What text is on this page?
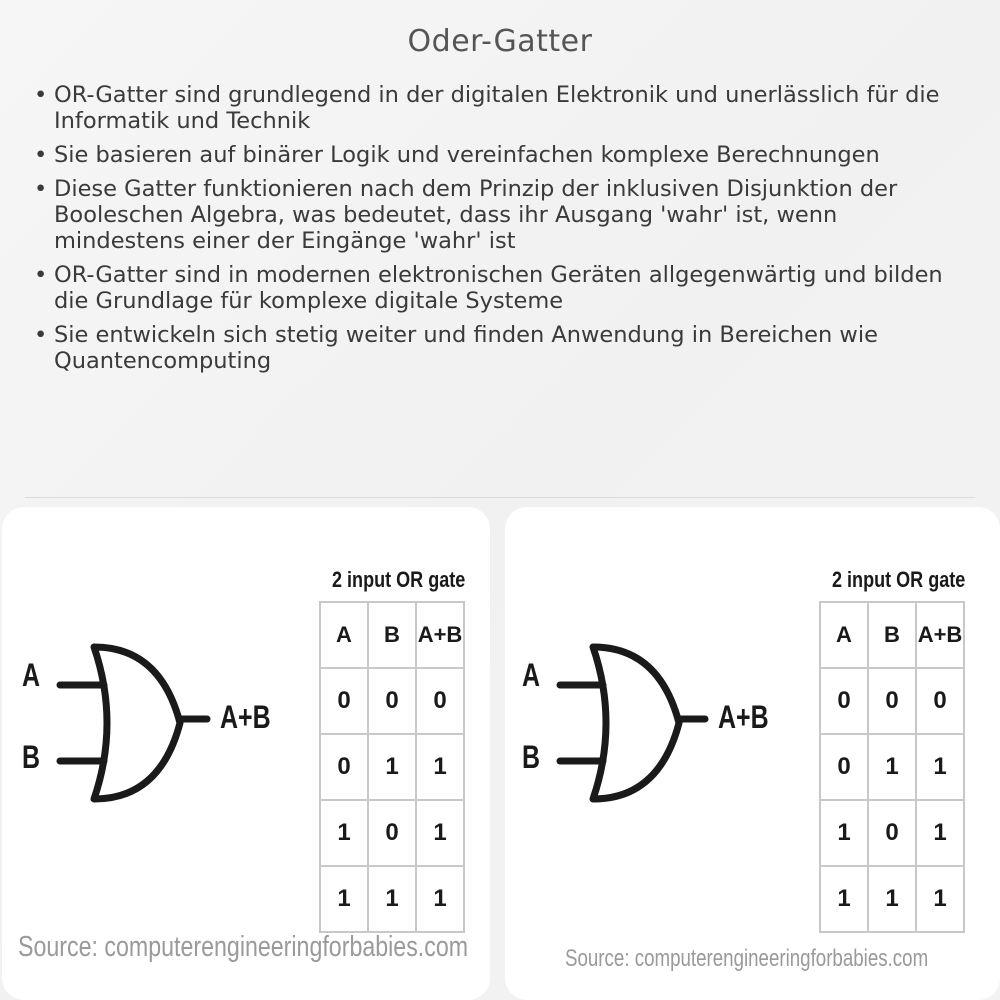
Oder-Gatter
• OR-Gatter sind grundlegend in der digitalen Elektronik und unerlässlich für die Informatik und Technik
• Sie basieren auf binärer Logik und vereinfachen komplexe Berechnungen
• Diese Gatter funktionieren nach dem Prinzip der inklusiven Disjunktion der Booleschen Algebra, was bedeutet, dass ihr Ausgang 'wahr' ist, wenn mindestens einer der Eingänge 'wahr' ist
• OR-Gatter sind in modernen elektronischen Geräten allgegenwärtig und bilden die Grundlage für komplexe digitale Systeme
• Sie entwickeln sich stetig weiter und finden Anwendung in Bereichen wie Quantencomputing
A
B
A+B
2 input OR gate
A	B	A+B
0	0	0
0	1	1
1	0	1
1	1	1
Source: computerengineeringforbabies.com
A
B
A+B
2 input OR gate
A	B	A+B
0	0	0
0	1	1
1	0	1
1	1	1
Source: computerengineeringforbabies.com
